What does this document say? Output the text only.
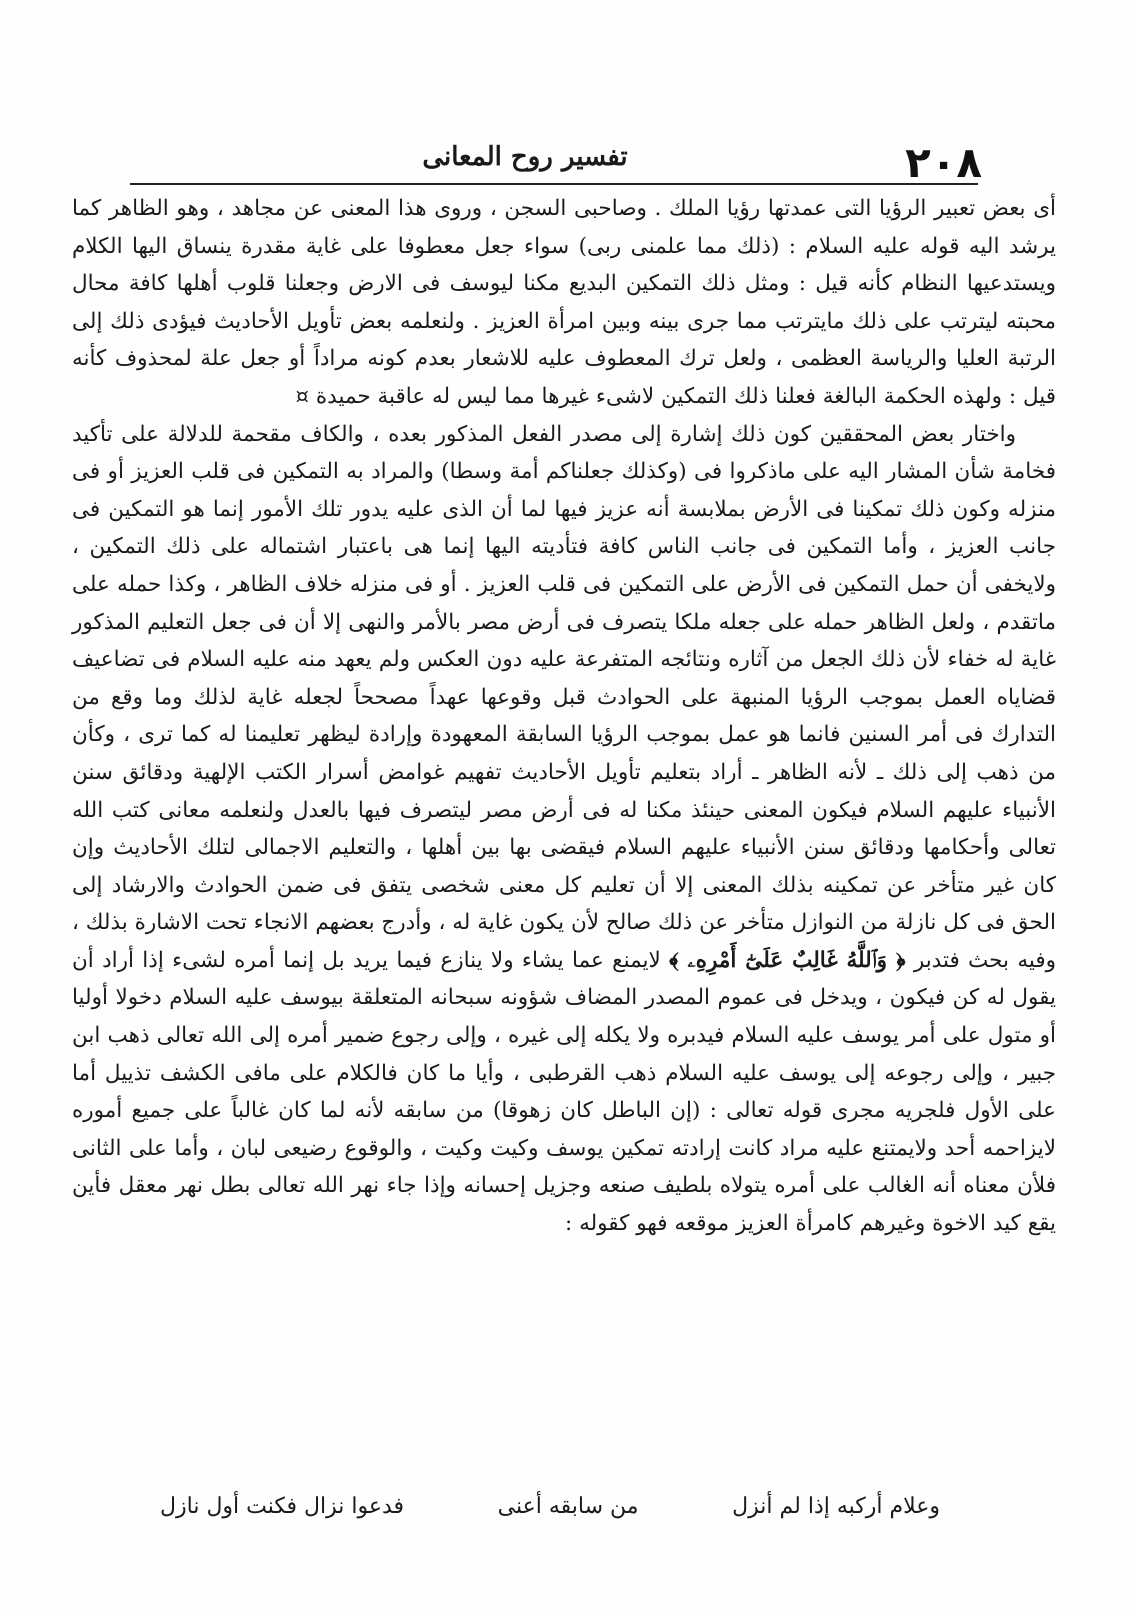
٢٠٨
تفسير روح المعانى

أى بعض تعبير الرؤيا التى عمدتها رؤيا الملك . وصاحبى السجن ، وروى هذا المعنى عن مجاهد ، وهو الظاهر كما يرشد اليه قوله عليه السلام : (ذلك مما علمنى ربى) سواء جعل معطوفا على غاية مقدرة ينساق اليها الكلام ويستدعيها النظام كأنه قيل : ومثل ذلك التمكين البديع مكنا ليوسف فى الارض وجعلنا قلوب أهلها كافة محال محبته ليترتب على ذلك مايترتب مما جرى بينه وبين امرأة العزيز . ولنعلمه بعض تأويل الأحاديث فيؤدى ذلك إلى الرتبة العليا والرياسة العظمى ، ولعل ترك المعطوف عليه للاشعار بعدم كونه مراداً أو جعل علة لمحذوف كأنه قيل : ولهذه الحكمة البالغة فعلنا ذلك التمكين لاشىء غيرها مما ليس له عاقبة حميدة ¤

واختار بعض المحققين كون ذلك إشارة إلى مصدر الفعل المذكور بعده ، والكاف مقحمة للدلالة على تأكيد فخامة شأن المشار اليه على ماذكروا فى (وكذلك جعلناكم أمة وسطا) والمراد به التمكين فى قلب العزيز أو فى منزله وكون ذلك تمكينا فى الأرض بملابسة أنه عزيز فيها لما أن الذى عليه يدور تلك الأمور إنما هو التمكين فى جانب العزيز ، وأما التمكين فى جانب الناس كافة فتأديته اليها إنما هى باعتبار اشتماله على ذلك التمكين ، ولايخفى أن حمل التمكين فى الأرض على التمكين فى قلب العزيز . أو فى منزله خلاف الظاهر ، وكذا حمله على ماتقدم ، ولعل الظاهر حمله على جعله ملكا يتصرف فى أرض مصر بالأمر والنهى إلا أن فى جعل التعليم المذكور غاية له خفاء لأن ذلك الجعل من آثاره ونتائجه المتفرعة عليه دون العكس ولم يعهد منه عليه السلام فى تضاعيف قضاياه العمل بموجب الرؤيا المنبهة على الحوادث قبل وقوعها عهداً مصححاً لجعله غاية لذلك وما وقع من التدارك فى أمر السنين فانما هو عمل بموجب الرؤيا السابقة المعهودة وإرادة ليظهر تعليمنا له كما ترى ، وكأن من ذهب إلى ذلك ـ لأنه الظاهر ـ أراد بتعليم تأويل الأحاديث تفهيم غوامض أسرار الكتب الإلهية ودقائق سنن الأنبياء عليهم السلام فيكون المعنى حينئذ مكنا له فى أرض مصر ليتصرف فيها بالعدل ولنعلمه معانى كتب الله تعالى وأحكامها ودقائق سنن الأنبياء عليهم السلام فيقضى بها بين أهلها ، والتعليم الاجمالى لتلك الأحاديث وإن كان غير متأخر عن تمكينه بذلك المعنى إلا أن تعليم كل معنى شخصى يتفق فى ضمن الحوادث والارشاد إلى الحق فى كل نازلة من النوازل متأخر عن ذلك صالح لأن يكون غاية له ، وأدرج بعضهم الانجاء تحت الاشارة بذلك ، وفيه بحث فتدبر ﴿ وَٱللَّهُ غَالِبٌ عَلَىٰٓ أَمْرِهِۦ ﴾ لايمنع عما يشاء ولا ينازع فيما يريد بل إنما أمره لشىء إذا أراد أن يقول له كن فيكون ، ويدخل فى عموم المصدر المضاف شؤونه سبحانه المتعلقة بيوسف عليه السلام دخولا أوليا أو متول على أمر يوسف عليه السلام فيدبره ولا يكله إلى غيره ، وإلى رجوع ضمير أمره إلى الله تعالى ذهب ابن جبير ، وإلى رجوعه إلى يوسف عليه السلام ذهب القرطبى ، وأيا ما كان فالكلام على مافى الكشف تذييل أما على الأول فلجريه مجرى قوله تعالى : (إن الباطل كان زهوقا) من سابقه لأنه لما كان غالباً على جميع أموره لايزاحمه أحد ولايمتنع عليه مراد كانت إرادته تمكين يوسف وكيت وكيت ، والوقوع رضيعى لبان ، وأما على الثانى فلأن معناه أنه الغالب على أمره يتولاه بلطيف صنعه وجزيل إحسانه وإذا جاء نهر الله تعالى بطل نهر معقل فأين يقع كيد الاخوة وغيرهم كامرأة العزيز موقعه فهو كقوله :

وعلام أركبه إذا لم أنزل
من سابقه أعنى
فدعوا نزال فكنت أول نازل
